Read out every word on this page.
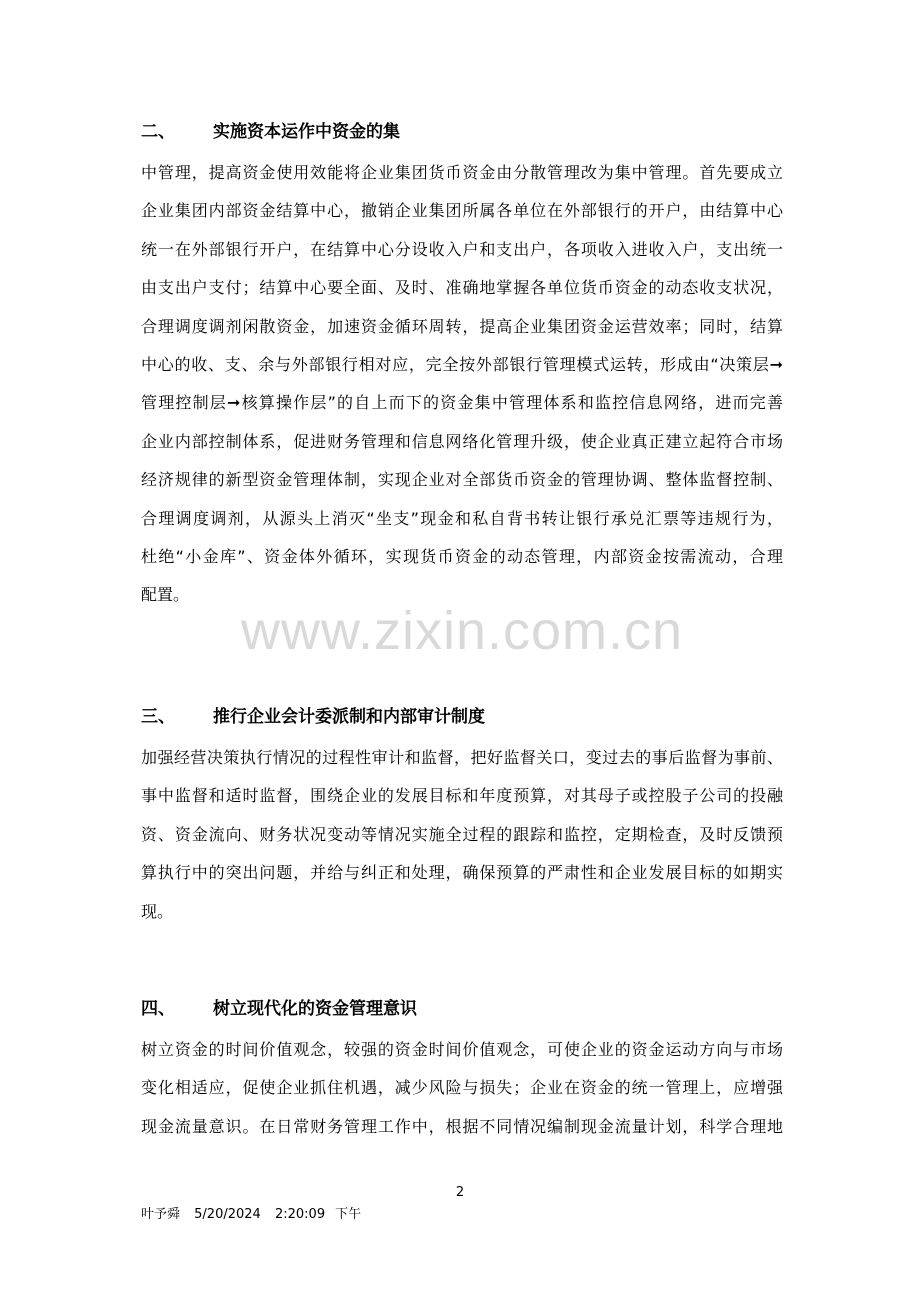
二、 实施资本运作中资金的集
中管理，提高资金使用效能将企业集团货币资金由分散管理改为集中管理。首先要成立
企业集团内部资金结算中心，撤销企业集团所属各单位在外部银行的开户，由结算中心
统一在外部银行开户，在结算中心分设收入户和支出户，各项收入进收入户，支出统一
由支出户支付；结算中心要全面、及时、准确地掌握各单位货币资金的动态收支状况，
合理调度调剂闲散资金，加速资金循环周转，提高企业集团资金运营效率；同时，结算
中心的收、支、余与外部银行相对应，完全按外部银行管理模式运转，形成由“决策层➞
管理控制层➞核算操作层”的自上而下的资金集中管理体系和监控信息网络，进而完善
企业内部控制体系，促进财务管理和信息网络化管理升级，使企业真正建立起符合市场
经济规律的新型资金管理体制，实现企业对全部货币资金的管理协调、整体监督控制、
合理调度调剂，从源头上消灭“坐支”现金和私自背书转让银行承兑汇票等违规行为，
杜绝“小金库”、资金体外循环，实现货币资金的动态管理，内部资金按需流动，合理
配置。
www.zixin.com.cn
三、 推行企业会计委派制和内部审计制度
加强经营决策执行情况的过程性审计和监督，把好监督关口，变过去的事后监督为事前、
事中监督和适时监督，围绕企业的发展目标和年度预算，对其母子或控股子公司的投融
资、资金流向、财务状况变动等情况实施全过程的跟踪和监控，定期检查，及时反馈预
算执行中的突出问题，并给与纠正和处理，确保预算的严肃性和企业发展目标的如期实
现。
四、 树立现代化的资金管理意识
树立资金的时间价值观念，较强的资金时间价值观念，可使企业的资金运动方向与市场
变化相适应，促使企业抓住机遇，减少风险与损失；企业在资金的统一管理上，应增强
现金流量意识。在日常财务管理工作中，根据不同情况编制现金流量计划，科学合理地
2
叶予舜 5/20/2024 2:20:09 下午
